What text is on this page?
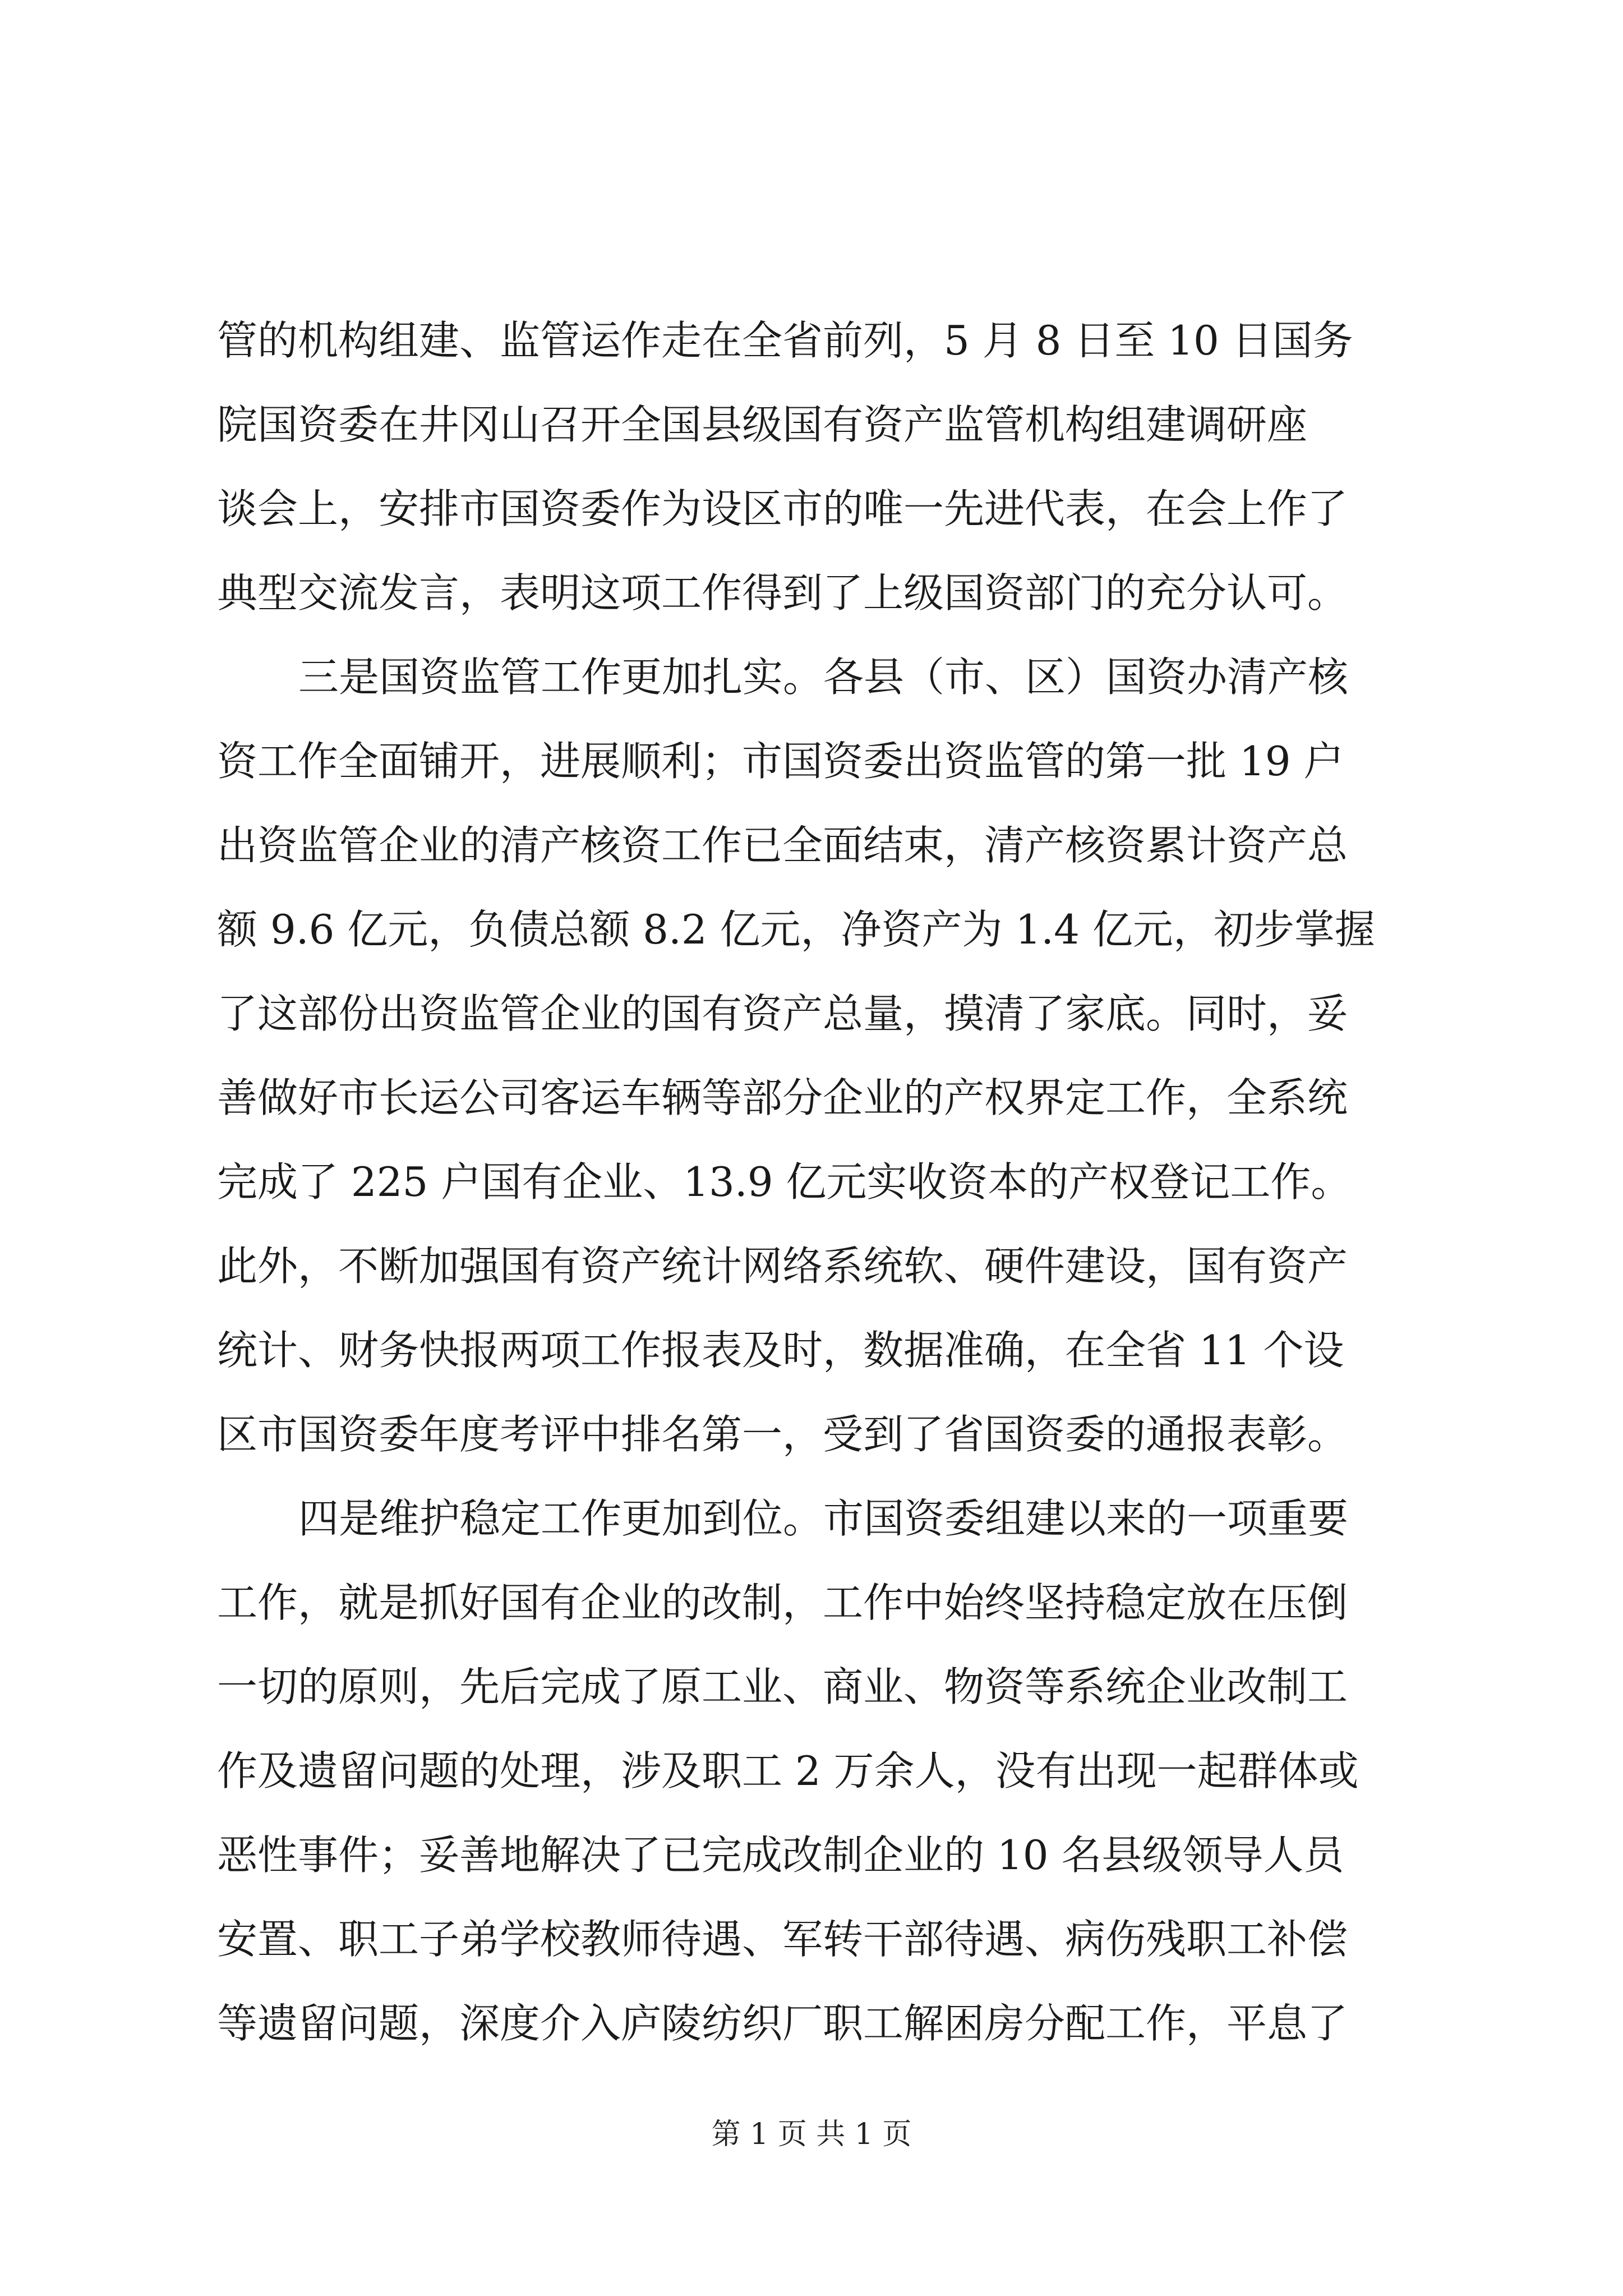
管的机构组建、监管运作走在全省前列，5 月 8 日至 10 日国务
院国资委在井冈山召开全国县级国有资产监管机构组建调研座
谈会上，安排市国资委作为设区市的唯一先进代表，在会上作了
典型交流发言，表明这项工作得到了上级国资部门的充分认可。
三是国资监管工作更加扎实。各县（市、区）国资办清产核
资工作全面铺开，进展顺利；市国资委出资监管的第一批 19 户
出资监管企业的清产核资工作已全面结束，清产核资累计资产总
额 9.6 亿元，负债总额 8.2 亿元，净资产为 1.4 亿元，初步掌握
了这部份出资监管企业的国有资产总量，摸清了家底。同时，妥
善做好市长运公司客运车辆等部分企业的产权界定工作，全系统
完成了 225 户国有企业、13.9 亿元实收资本的产权登记工作。
此外，不断加强国有资产统计网络系统软、硬件建设，国有资产
统计、财务快报两项工作报表及时，数据准确，在全省 11 个设
区市国资委年度考评中排名第一，受到了省国资委的通报表彰。
四是维护稳定工作更加到位。市国资委组建以来的一项重要
工作，就是抓好国有企业的改制，工作中始终坚持稳定放在压倒
一切的原则，先后完成了原工业、商业、物资等系统企业改制工
作及遗留问题的处理，涉及职工 2 万余人，没有出现一起群体或
恶性事件；妥善地解决了已完成改制企业的 10 名县级领导人员
安置、职工子弟学校教师待遇、军转干部待遇、病伤残职工补偿
等遗留问题，深度介入庐陵纺织厂职工解困房分配工作，平息了
第 1 页 共 1 页
